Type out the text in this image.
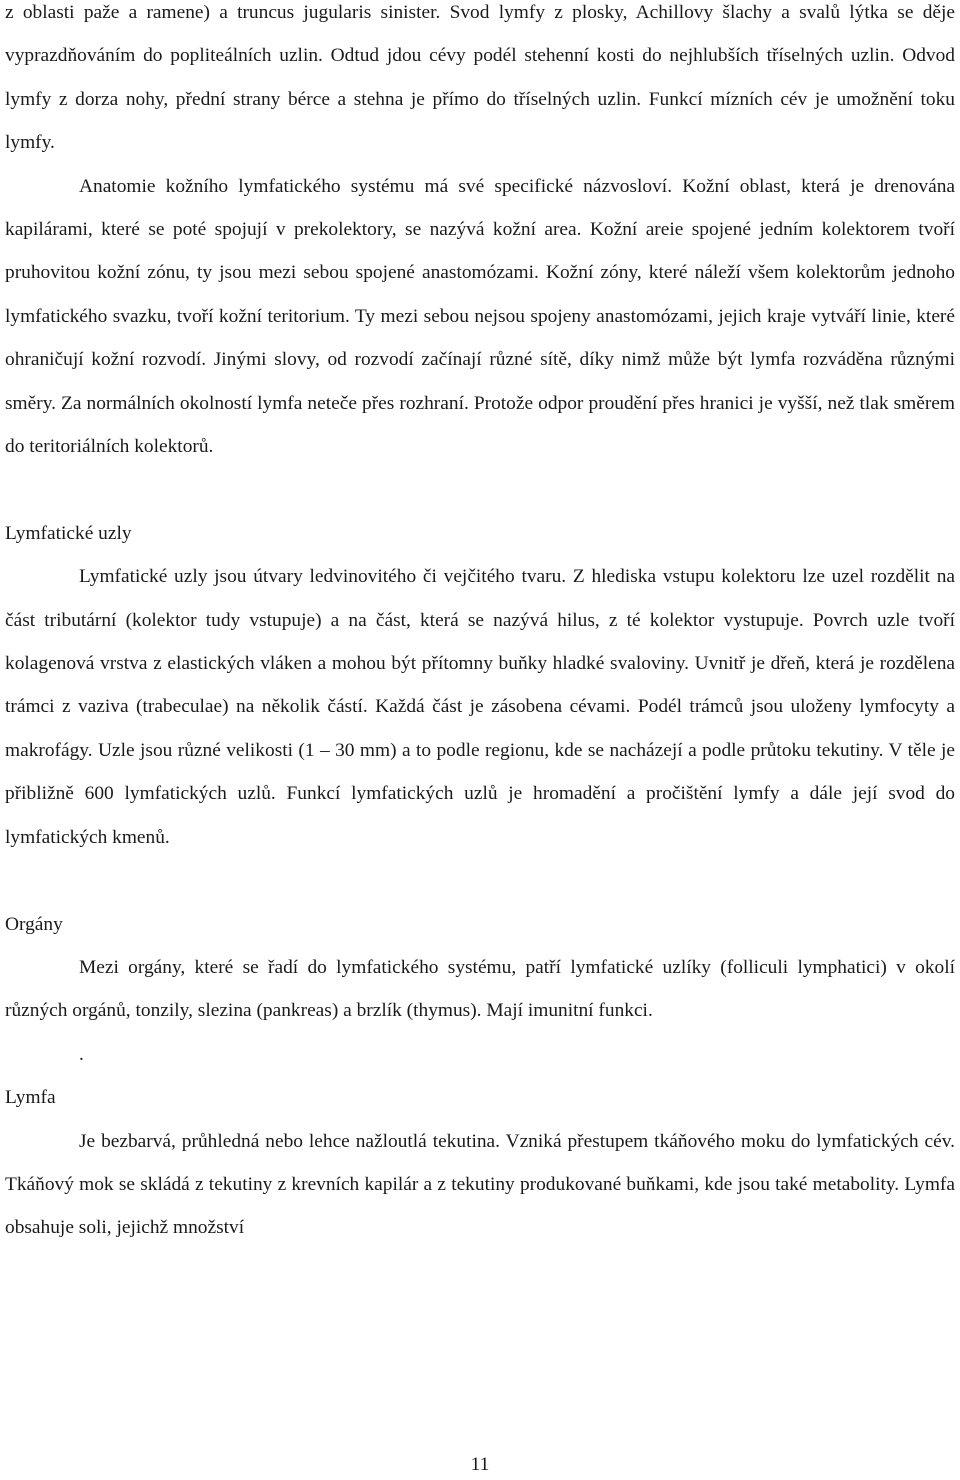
z oblasti paže a ramene) a truncus jugularis sinister. Svod lymfy z plosky, Achillovy šlachy a svalů lýtka se děje vyprazdňováním do popliteálních uzlin. Odtud jdou cévy podél stehenní kosti do nejhlubších tříselných uzlin. Odvod lymfy z dorza nohy, přední strany bérce a stehna je přímo do tříselných uzlin. Funkcí mízních cév je umožnění toku lymfy.

Anatomie kožního lymfatického systému má své specifické názvosloví. Kožní oblast, která je drenována kapilárami, které se poté spojují v prekolektory, se nazývá kožní area. Kožní areie spojené jedním kolektorem tvoří pruhovitou kožní zónu, ty jsou mezi sebou spojené anastomózami. Kožní zóny, které náleží všem kolektorům jednoho lymfatického svazku, tvoří kožní teritorium. Ty mezi sebou nejsou spojeny anastomózami, jejich kraje vytváří linie, které ohraničují kožní rozvodí. Jinými slovy, od rozvodí začínají různé sítě, díky nimž může být lymfa rozváděna různými směry. Za normálních okolností lymfa neteče přes rozhraní. Protože odpor proudění přes hranici je vyšší, než tlak směrem do teritoriálních kolektorů.

Lymfatické uzly

Lymfatické uzly jsou útvary ledvinovitého či vejčitého tvaru. Z hlediska vstupu kolektoru lze uzel rozdělit na část tributární (kolektor tudy vstupuje) a na část, která se nazývá hilus, z té kolektor vystupuje. Povrch uzle tvoří kolagenová vrstva z elastických vláken a mohou být přítomny buňky hladké svaloviny. Uvnitř je dřeň, která je rozdělena trámci z vaziva (trabeculae) na několik částí. Každá část je zásobena cévami. Podél trámců jsou uloženy lymfocyty a makrofágy. Uzle jsou různé velikosti (1 – 30 mm) a to podle regionu, kde se nacházejí a podle průtoku tekutiny. V těle je přibližně 600 lymfatických uzlů. Funkcí lymfatických uzlů je hromadění a pročištění lymfy a dále její svod do lymfatických kmenů.

Orgány

Mezi orgány, které se řadí do lymfatického systému, patří lymfatické uzlíky (folliculi lymphatici) v okolí různých orgánů, tonzily, slezina (pankreas) a brzlík (thymus). Mají imunitní funkci.

.

Lymfa

Je bezbarvá, průhledná nebo lehce nažloutlá tekutina. Vzniká přestupem tkáňového moku do lymfatických cév. Tkáňový mok se skládá z tekutiny z krevních kapilár a z tekutiny produkované buňkami, kde jsou také metabolity. Lymfa obsahuje soli, jejichž množství

11
